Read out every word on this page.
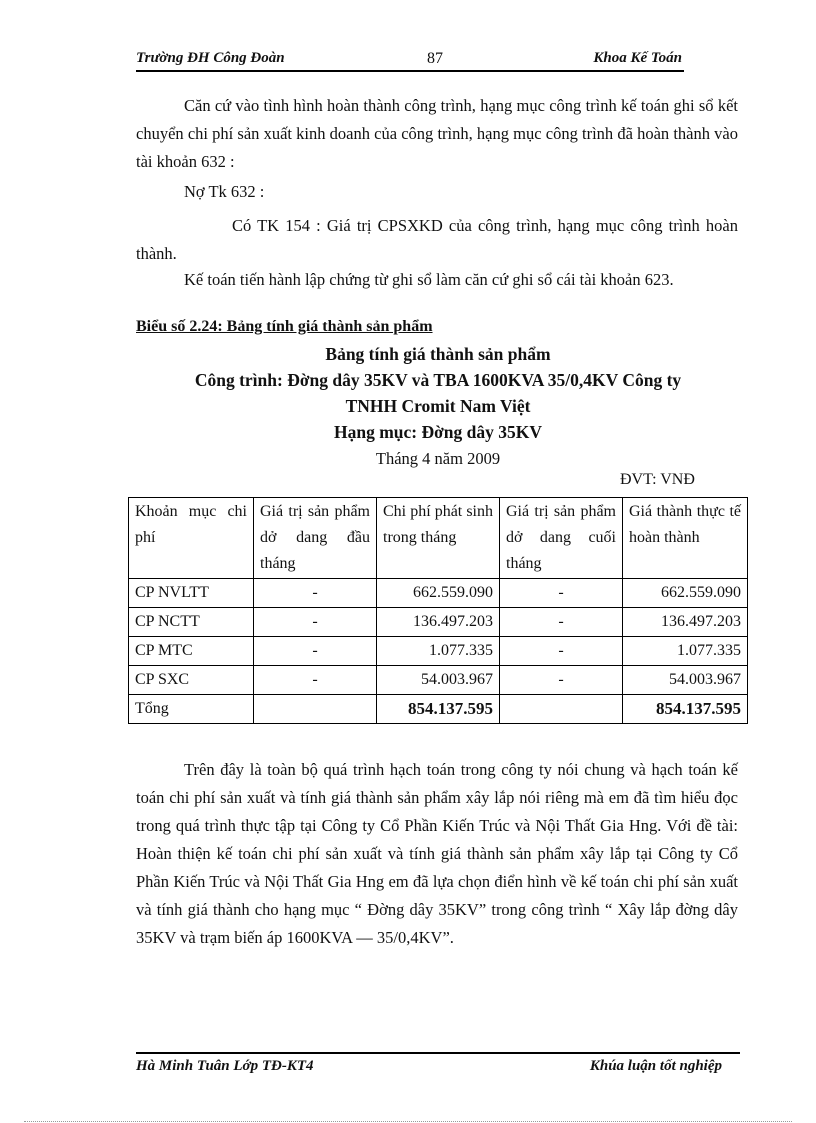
Trường ĐH Công Đoàn	87	Khoa Kế Toán
Căn cứ vào tình hình hoàn thành công trình, hạng mục công trình kế toán ghi sổ kết chuyển chi phí sản xuất kinh doanh của công trình, hạng mục công trình đã hoàn thành vào tài khoản 632 :
Nợ Tk 632 :
Có TK 154 : Giá trị CPSXKD của công trình, hạng mục công trình hoàn thành.
Kế toán tiến hành lập chứng từ ghi sổ làm căn cứ ghi sổ cái tài khoản 623.
Biểu số 2.24: Bảng tính giá thành sản phẩm
Bảng tính giá thành sản phẩm
Công trình: Đờng dây 35KV và TBA 1600KVA 35/0,4KV Công ty
TNHH Cromit Nam Việt
Hạng mục: Đờng dây 35KV
Tháng 4 năm 2009
ĐVT: VNĐ
Khoản mục chi phí	Giá trị sản phẩm dở dang đầu tháng	Chi phí phát sinh trong tháng	Giá trị sản phẩm dở dang cuối tháng	Giá thành thực tế hoàn thành
CP NVLTT	-	662.559.090	-	662.559.090
CP NCTT	-	136.497.203	-	136.497.203
CP MTC	-	1.077.335	-	1.077.335
CP SXC	-	54.003.967	-	54.003.967
Tổng		854.137.595		854.137.595
Trên đây là toàn bộ quá trình hạch toán trong công ty nói chung và hạch toán kế toán chi phí sản xuất và tính giá thành sản phẩm xây lắp nói riêng mà em đã tìm hiểu đọc trong quá trình thực tập tại Công ty Cổ Phần Kiến Trúc và Nội Thất Gia Hng. Với đề tài: Hoàn thiện kế toán chi phí sản xuất và tính giá thành sản phẩm xây lắp tại Công ty Cổ Phần Kiến Trúc và Nội Thất Gia Hng em đã lựa chọn điển hình về kế toán chi phí sản xuất và tính giá thành cho hạng mục “ Đờng dây 35KV” trong công trình “ Xây lắp đờng dây 35KV và trạm biến áp 1600KVA — 35/0,4KV”.
Hà Minh Tuân Lớp TĐ-KT4	Khúa luận tốt nghiệp
